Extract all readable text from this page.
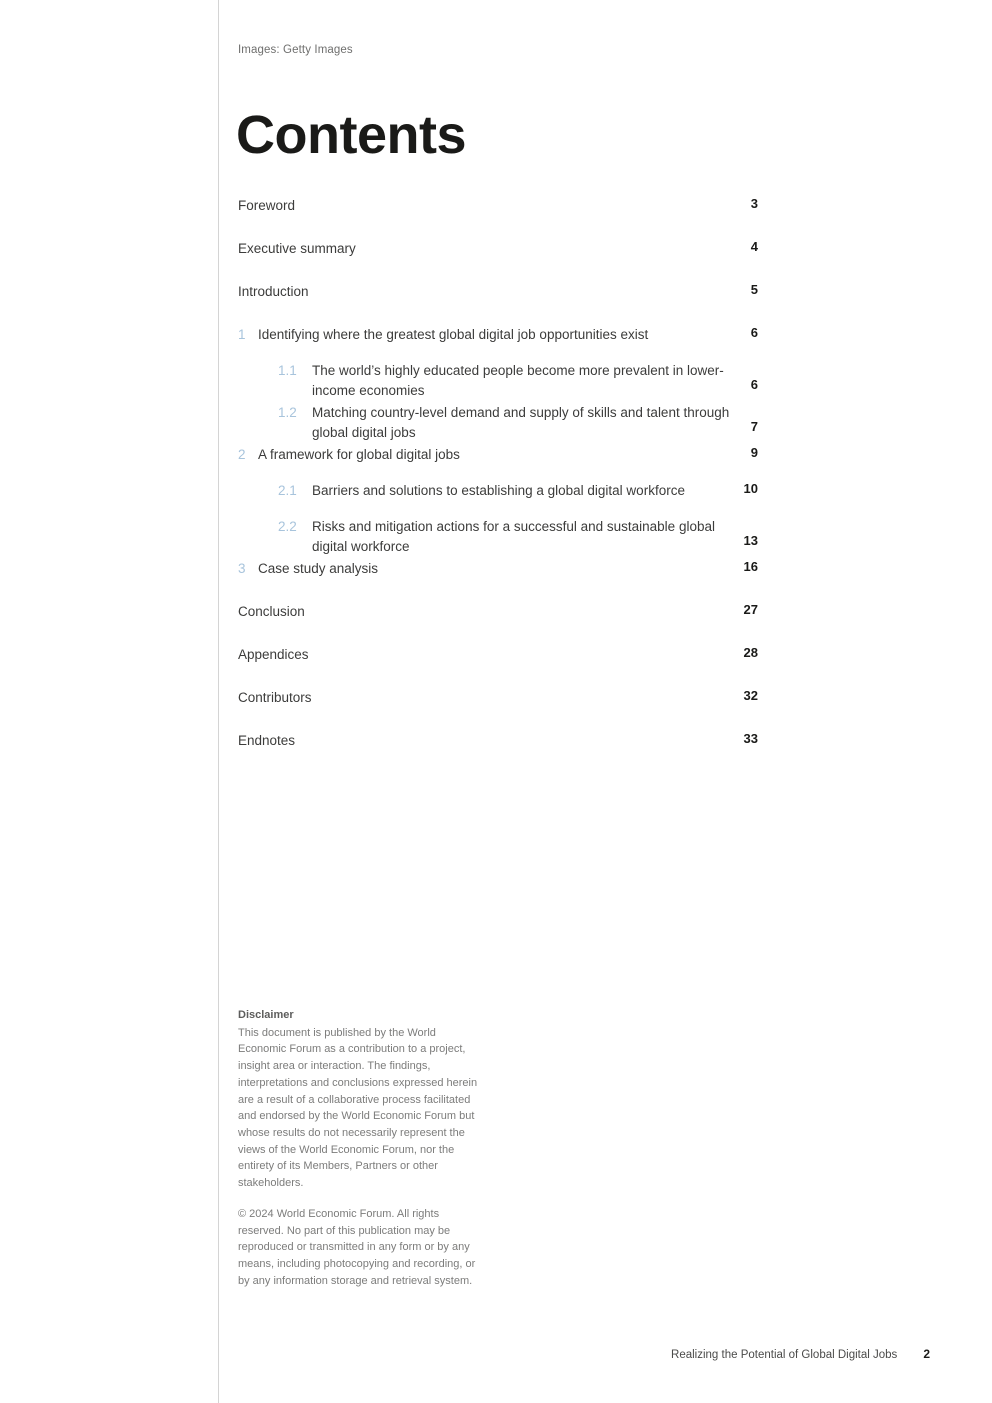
Images: Getty Images
Contents
Foreword	3
Executive summary	4
Introduction	5
1 Identifying where the greatest global digital job opportunities exist	6
1.1	The world’s highly educated people become more prevalent in lower-income economies	6
1.2	Matching country-level demand and supply of skills and talent through global digital jobs	7
2 A framework for global digital jobs	9
2.1	Barriers and solutions to establishing a global digital workforce	10
2.2	Risks and mitigation actions for a successful and sustainable global digital workforce	13
3 Case study analysis	16
Conclusion	27
Appendices	28
Contributors	32
Endnotes	33

Disclaimer
This document is published by the World Economic Forum as a contribution to a project, insight area or interaction. The findings, interpretations and conclusions expressed herein are a result of a collaborative process facilitated and endorsed by the World Economic Forum but whose results do not necessarily represent the views of the World Economic Forum, nor the entirety of its Members, Partners or other stakeholders.

© 2024 World Economic Forum. All rights reserved. No part of this publication may be reproduced or transmitted in any form or by any means, including photocopying and recording, or by any information storage and retrieval system.

Realizing the Potential of Global Digital Jobs 2
